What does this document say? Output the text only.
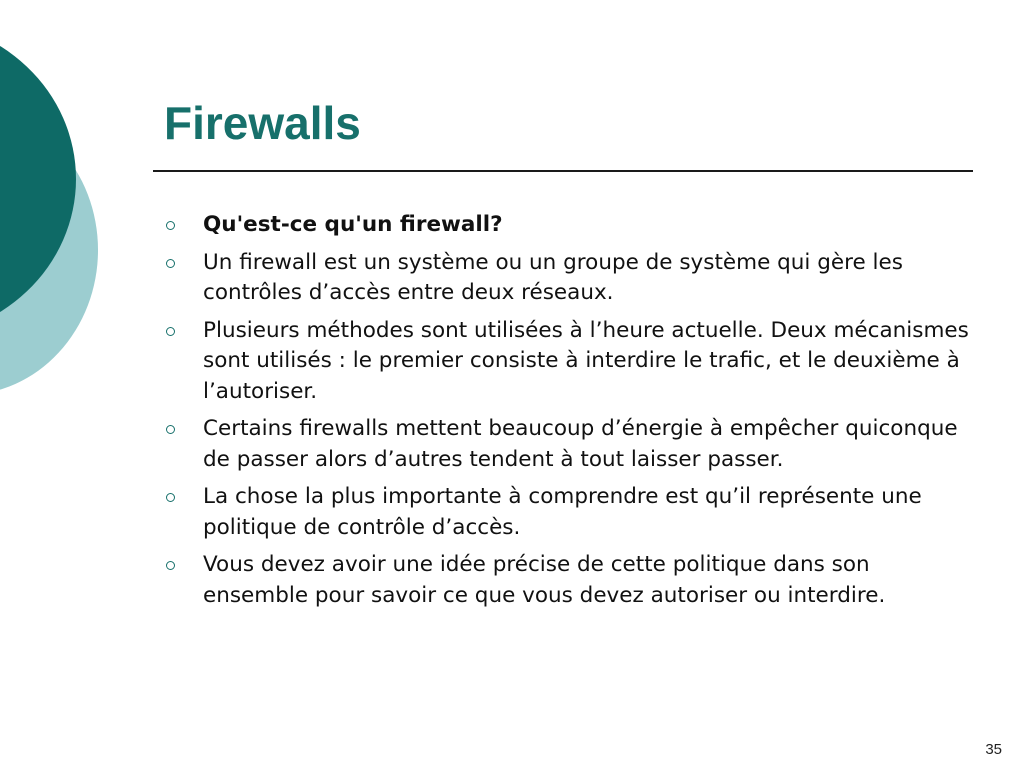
Firewalls
Qu'est-ce qu'un firewall?
Un firewall est un système ou un groupe de système qui gère les contrôles d’accès entre deux réseaux.
Plusieurs méthodes sont utilisées à l’heure actuelle. Deux mécanismes sont utilisés : le premier consiste à interdire le trafic, et le deuxième à l’autoriser.
Certains firewalls mettent beaucoup d’énergie à empêcher quiconque de passer alors d’autres tendent à tout laisser passer.
La chose la plus importante à comprendre est qu’il représente une politique de contrôle d’accès.
Vous devez avoir une idée précise de cette politique dans son ensemble pour savoir ce que vous devez autoriser ou interdire.
35
